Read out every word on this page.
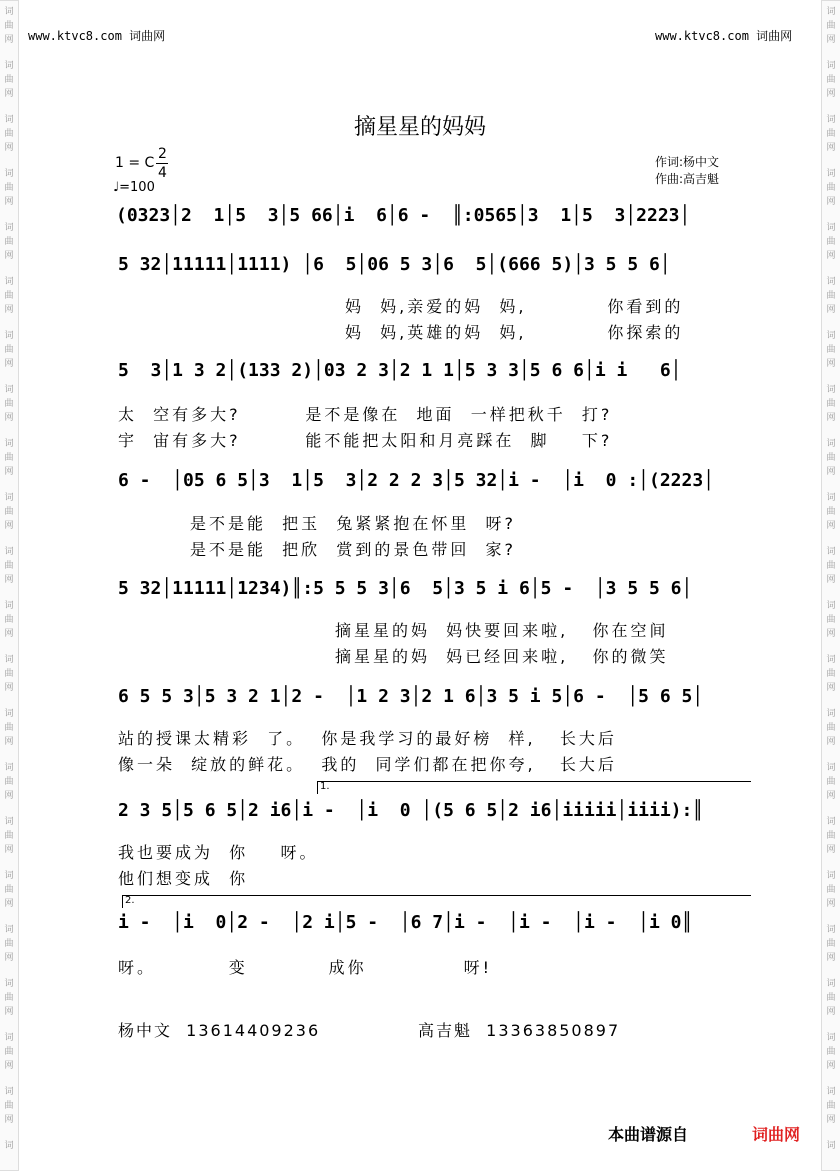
词
曲
网
词
曲
网
词
曲
网
词
曲
网
词
曲
网
词
曲
网
词
曲
网
词
曲
网
词
曲
网
词
曲
网
词
曲
网
词
曲
网
词
曲
网
词
曲
网
词
曲
网
词
曲
网
词
曲
网
词
曲
网
词
曲
网
词
曲
网
词
曲
网
词
词
曲
网
词
曲
网
词
曲
网
词
曲
网
词
曲
网
词
曲
网
词
曲
网
词
曲
网
词
曲
网
词
曲
网
词
曲
网
词
曲
网
词
曲
网
词
曲
网
词
曲
网
词
曲
网
词
曲
网
词
曲
网
词
曲
网
词
曲
网
词
曲
网
词
www.ktvc8.com 词曲网	www.ktvc8.com 词曲网
摘星星的妈妈
1 = C
2
4
♩=100
作词:杨中文
作曲:高吉魁
(0323│2  1│5  3│5 66│i  6│6 -  ║:0565│3  1│5  3│2223│
5 32│11111│1111) │6  5│06 5 3│6  5│(666 5)│3 5 5 6│
妈  妈,亲爱的妈  妈,          你看到的
妈  妈,英雄的妈  妈,          你探索的
5  3│1 3 2│(133 2)│03 2 3│2 1 1│5 3 3│5 6 6│i i   6│
太  空有多大?        是不是像在  地面  一样把秋千  打?
宇  宙有多大?        能不能把太阳和月亮踩在  脚    下?
6 -  │05 6 5│3  1│5  3│2 2 2 3│5 32│i -  │i  0 :│(2223│
是不是能  把玉  兔紧紧抱在怀里  呀?
是不是能  把欣  赏到的景色带回  家?
5 32│11111│1234)║:5 5 5 3│6  5│3 5 i 6│5 -  │3 5 5 6│
摘星星的妈  妈快要回来啦,   你在空间
摘星星的妈  妈已经回来啦,   你的微笑
6 5 5 3│5 3 2 1│2 -  │1 2 3│2 1 6│3 5 i 5│6 -  │5 6 5│
站的授课太精彩  了。  你是我学习的最好榜  样,   长大后
像一朵  绽放的鲜花。  我的  同学们都在把你夸,   长大后
1.
2 3 5│5 6 5│2 i6│i -  │i  0 │(5 6 5│2 i6│iiiii│iiii):║
我也要成为  你    呀。
他们想变成  你
2.
i -  │i  0│2 -  │2 i│5 -  │6 7│i -  │i -  │i -  │i 0║
呀。         变          成你            呀!
杨中文  13614409236	高吉魁  13363850897
本曲谱源自	词曲网
